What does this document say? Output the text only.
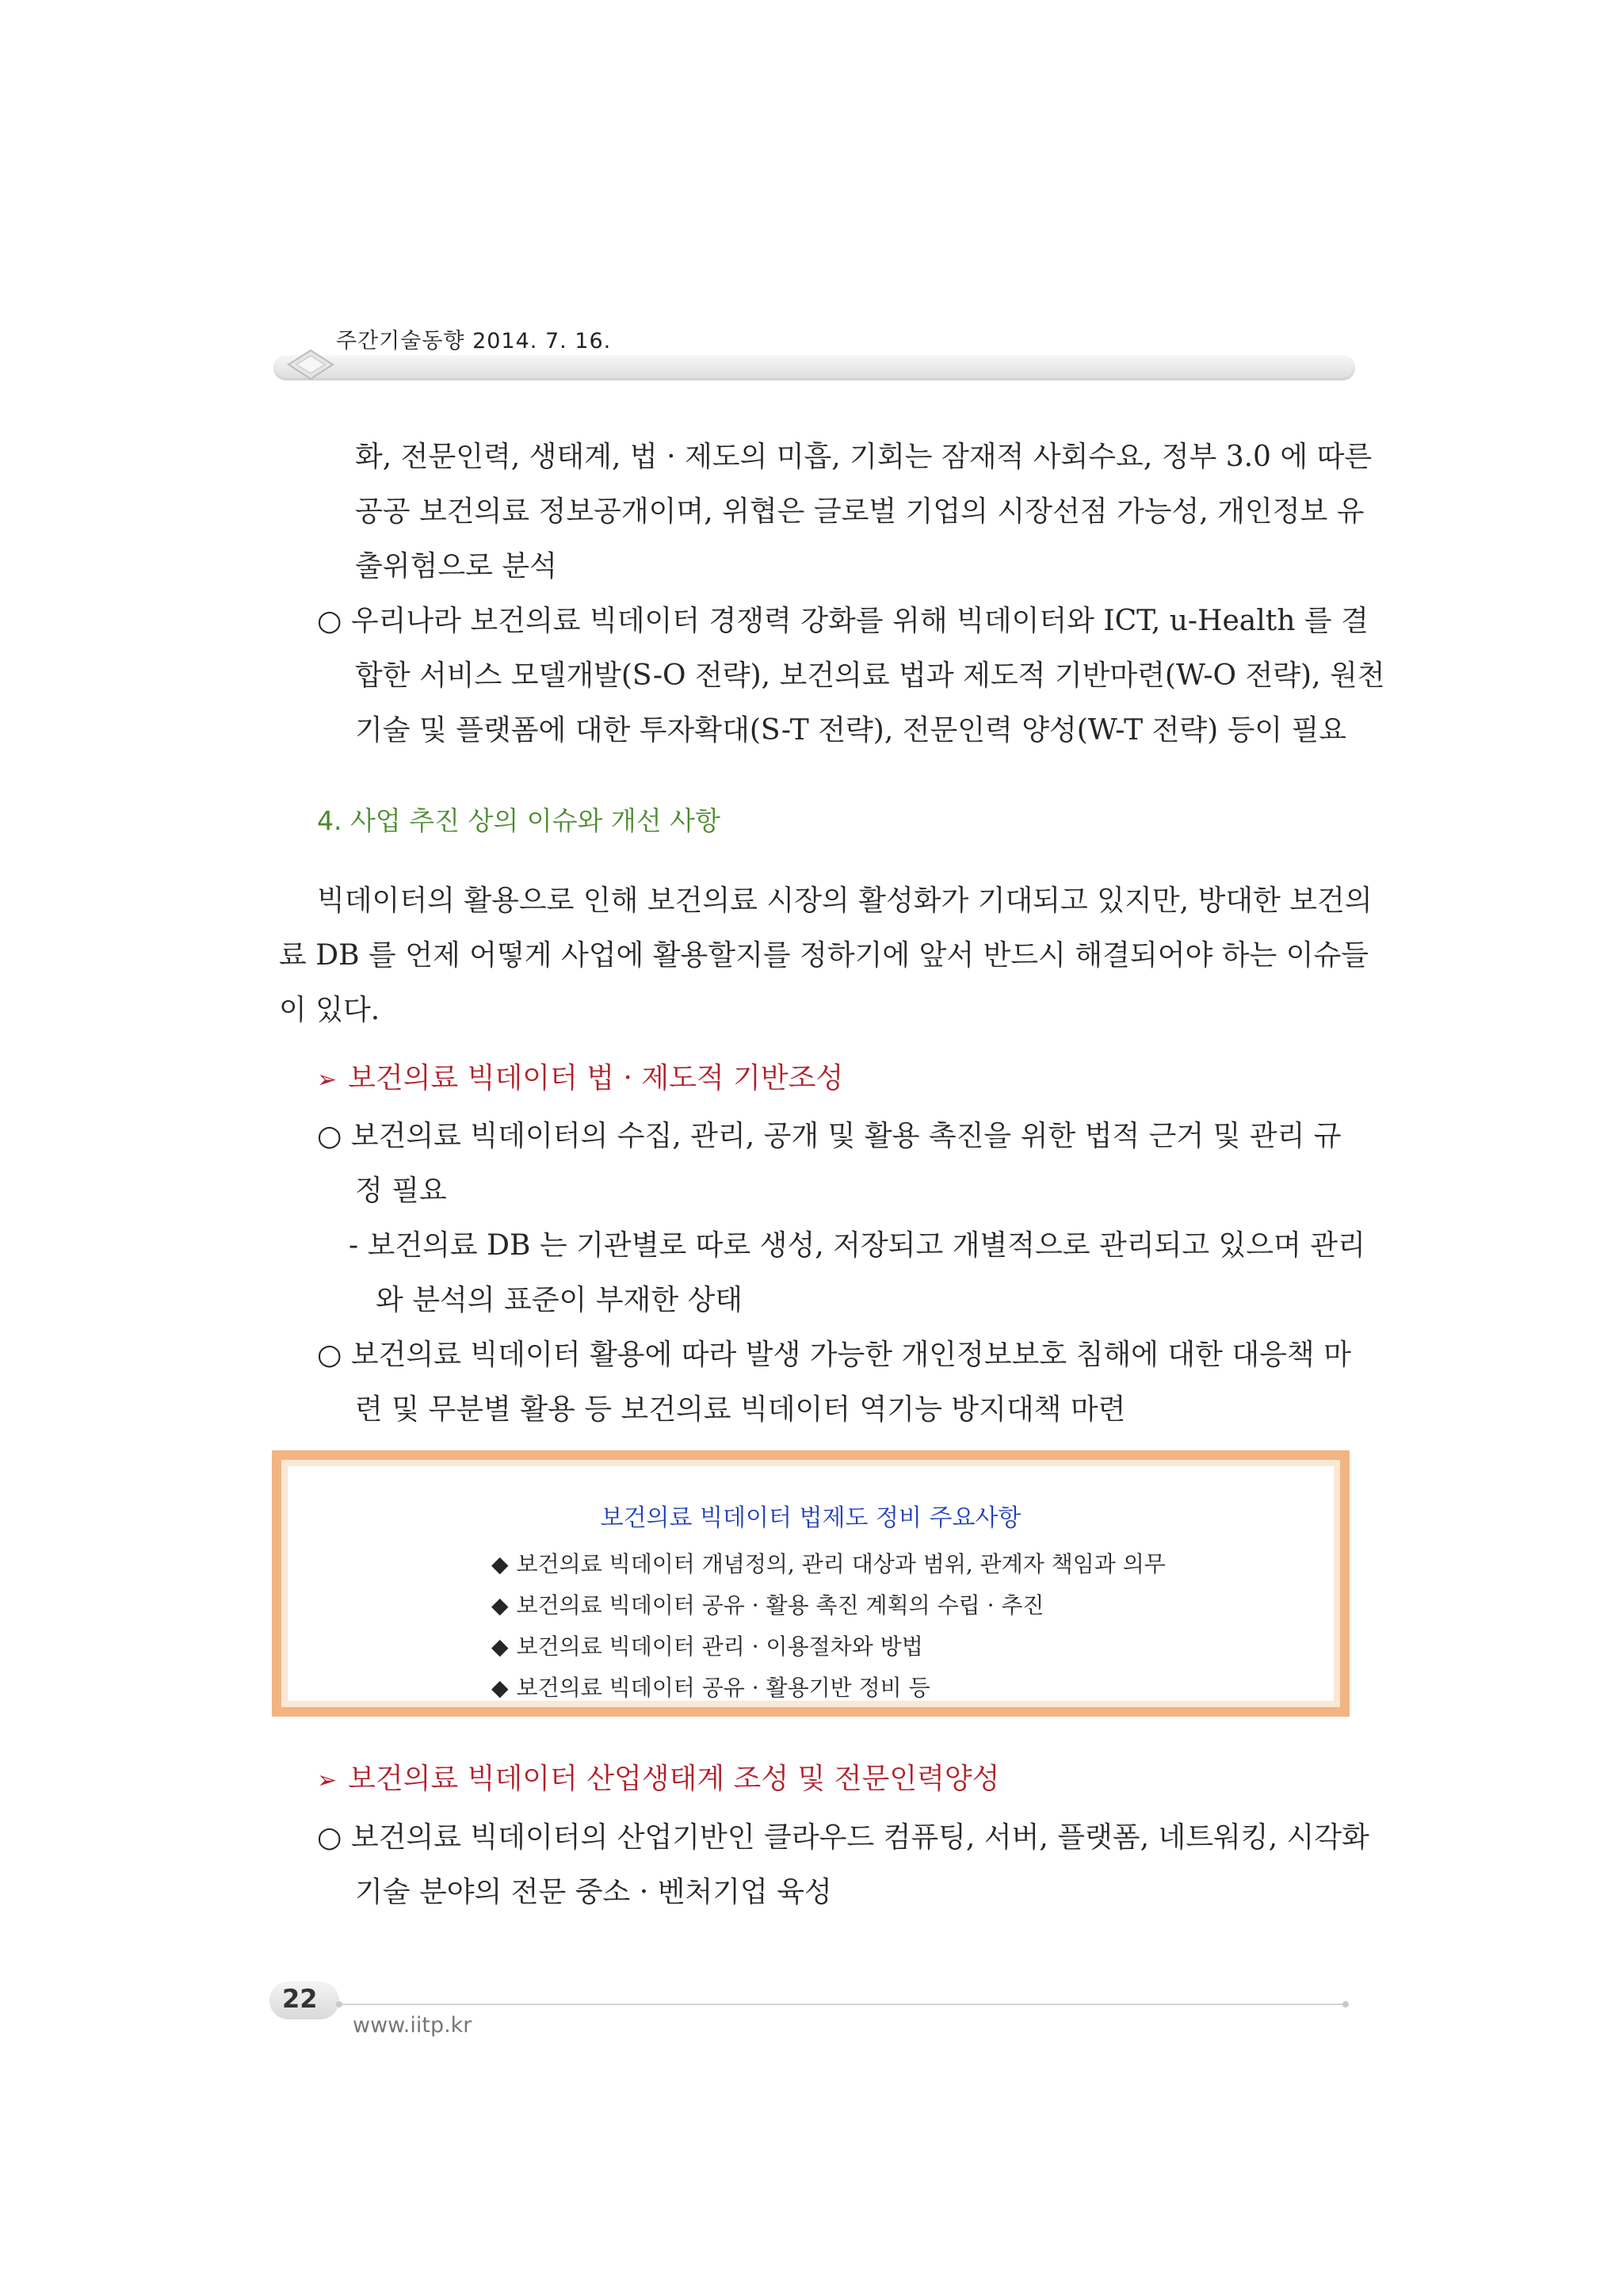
주간기술동향 2014. 7. 16.
화, 전문인력, 생태계, 법 · 제도의 미흡, 기회는 잠재적 사회수요, 정부 3.0 에 따른
공공 보건의료 정보공개이며, 위협은 글로벌 기업의 시장선점 가능성, 개인정보 유
출위험으로 분석
○ 우리나라 보건의료 빅데이터 경쟁력 강화를 위해 빅데이터와 ICT, u-Health 를 결
합한 서비스 모델개발(S-O 전략), 보건의료 법과 제도적 기반마련(W-O 전략), 원천
기술 및 플랫폼에 대한 투자확대(S-T 전략), 전문인력 양성(W-T 전략) 등이 필요
4. 사업 추진 상의 이슈와 개선 사항
빅데이터의 활용으로 인해 보건의료 시장의 활성화가 기대되고 있지만, 방대한 보건의
료 DB 를 언제 어떻게 사업에 활용할지를 정하기에 앞서 반드시 해결되어야 하는 이슈들
이 있다.
➢ 보건의료 빅데이터 법 · 제도적 기반조성
○ 보건의료 빅데이터의 수집, 관리, 공개 및 활용 촉진을 위한 법적 근거 및 관리 규
정 필요
- 보건의료 DB 는 기관별로 따로 생성, 저장되고 개별적으로 관리되고 있으며 관리
와 분석의 표준이 부재한 상태
○ 보건의료 빅데이터 활용에 따라 발생 가능한 개인정보보호 침해에 대한 대응책 마
련 및 무분별 활용 등 보건의료 빅데이터 역기능 방지대책 마련
보건의료 빅데이터 법제도 정비 주요사항
◆ 보건의료 빅데이터 개념정의, 관리 대상과 범위, 관계자 책임과 의무
◆ 보건의료 빅데이터 공유 · 활용 촉진 계획의 수립 · 추진
◆ 보건의료 빅데이터 관리 · 이용절차와 방법
◆ 보건의료 빅데이터 공유 · 활용기반 정비 등
➢ 보건의료 빅데이터 산업생태계 조성 및 전문인력양성
○ 보건의료 빅데이터의 산업기반인 클라우드 컴퓨팅, 서버, 플랫폼, 네트워킹, 시각화
기술 분야의 전문 중소 · 벤처기업 육성
22
www.iitp.kr
